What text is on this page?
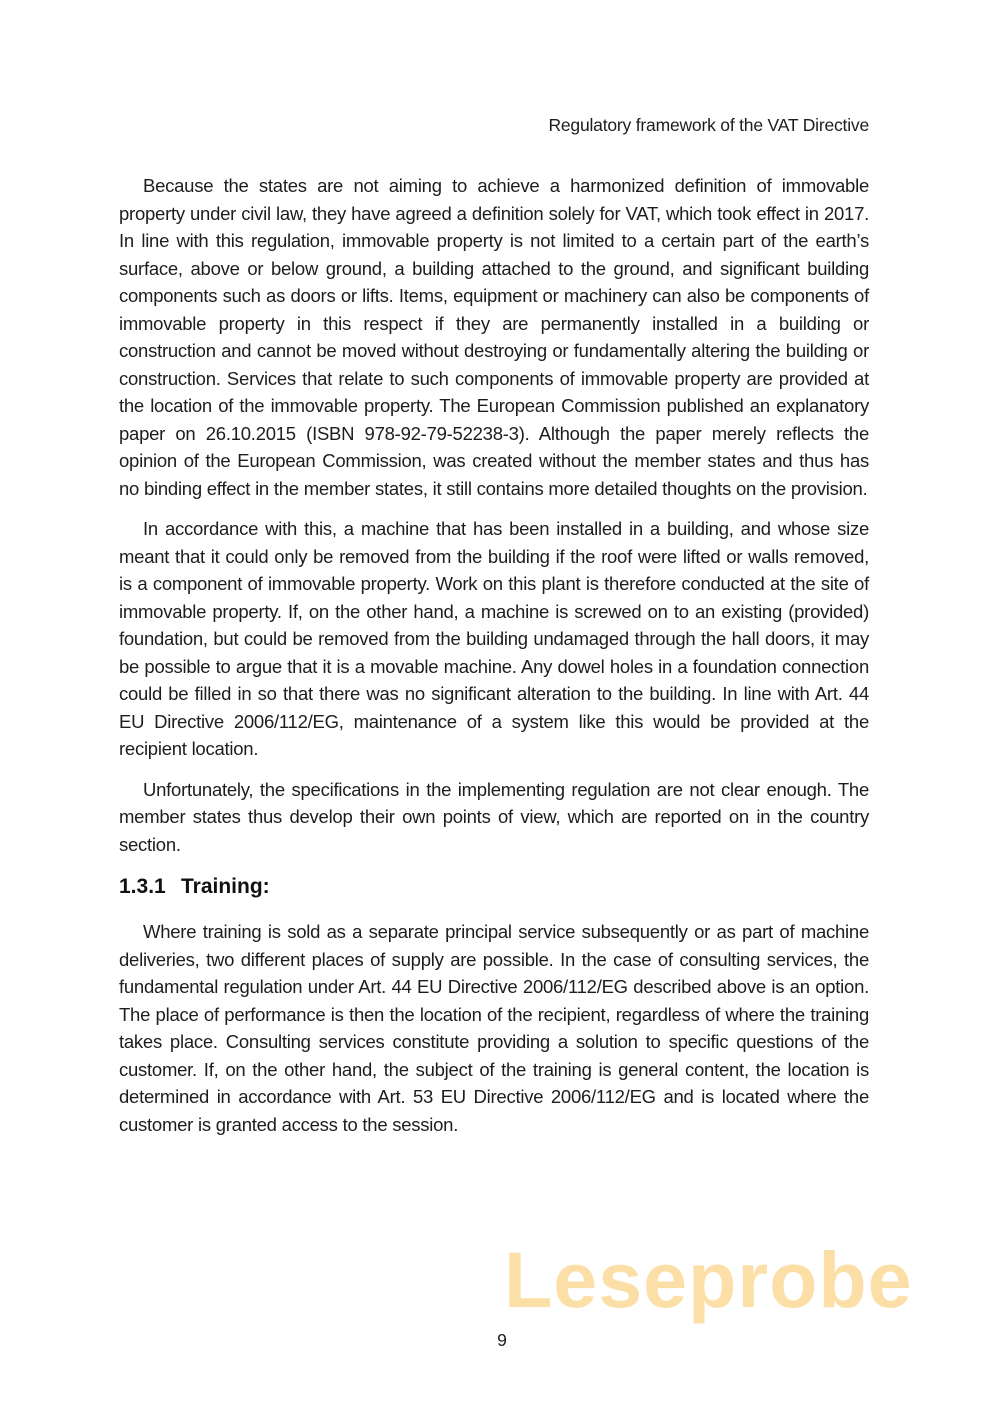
Regulatory framework of the VAT Directive

Because the states are not aiming to achieve a harmonized definition of immovable property under civil law, they have agreed a definition solely for VAT, which took effect in 2017. In line with this regulation, immovable property is not limited to a certain part of the earth’s surface, above or below ground, a building attached to the ground, and significant building components such as doors or lifts. Items, equipment or machinery can also be components of immovable property in this respect if they are permanently installed in a building or construction and cannot be moved without destroying or fundamentally altering the building or construction. Services that relate to such components of immovable property are provided at the location of the immovable property. The European Commission published an explanatory paper on 26.10.2015 (ISBN 978-92-79-52238-3). Although the paper merely reflects the opinion of the European Commission, was created without the member states and thus has no binding effect in the member states, it still contains more detailed thoughts on the provision.

In accordance with this, a machine that has been installed in a building, and whose size meant that it could only be removed from the building if the roof were lifted or walls removed, is a component of immovable property. Work on this plant is therefore conducted at the site of immovable property. If, on the other hand, a machine is screwed on to an existing (provided) foundation, but could be removed from the building undamaged through the hall doors, it may be possible to argue that it is a movable machine. Any dowel holes in a foundation connection could be filled in so that there was no significant alteration to the building. In line with Art. 44 EU Directive 2006/112/EG, maintenance of a system like this would be provided at the recipient location.

Unfortunately, the specifications in the implementing regulation are not clear enough. The member states thus develop their own points of view, which are reported on in the country section.

1.3.1 Training:

Where training is sold as a separate principal service subsequently or as part of machine deliveries, two different places of supply are possible. In the case of consulting services, the fundamental regulation under Art. 44 EU Directive 2006/112/EG described above is an option. The place of performance is then the location of the recipient, regardless of where the training takes place. Consulting services constitute providing a solution to specific questions of the customer. If, on the other hand, the subject of the training is general content, the location is determined in accordance with Art. 53 EU Directive 2006/112/EG and is located where the customer is granted access to the session.

Leseprobe
9
